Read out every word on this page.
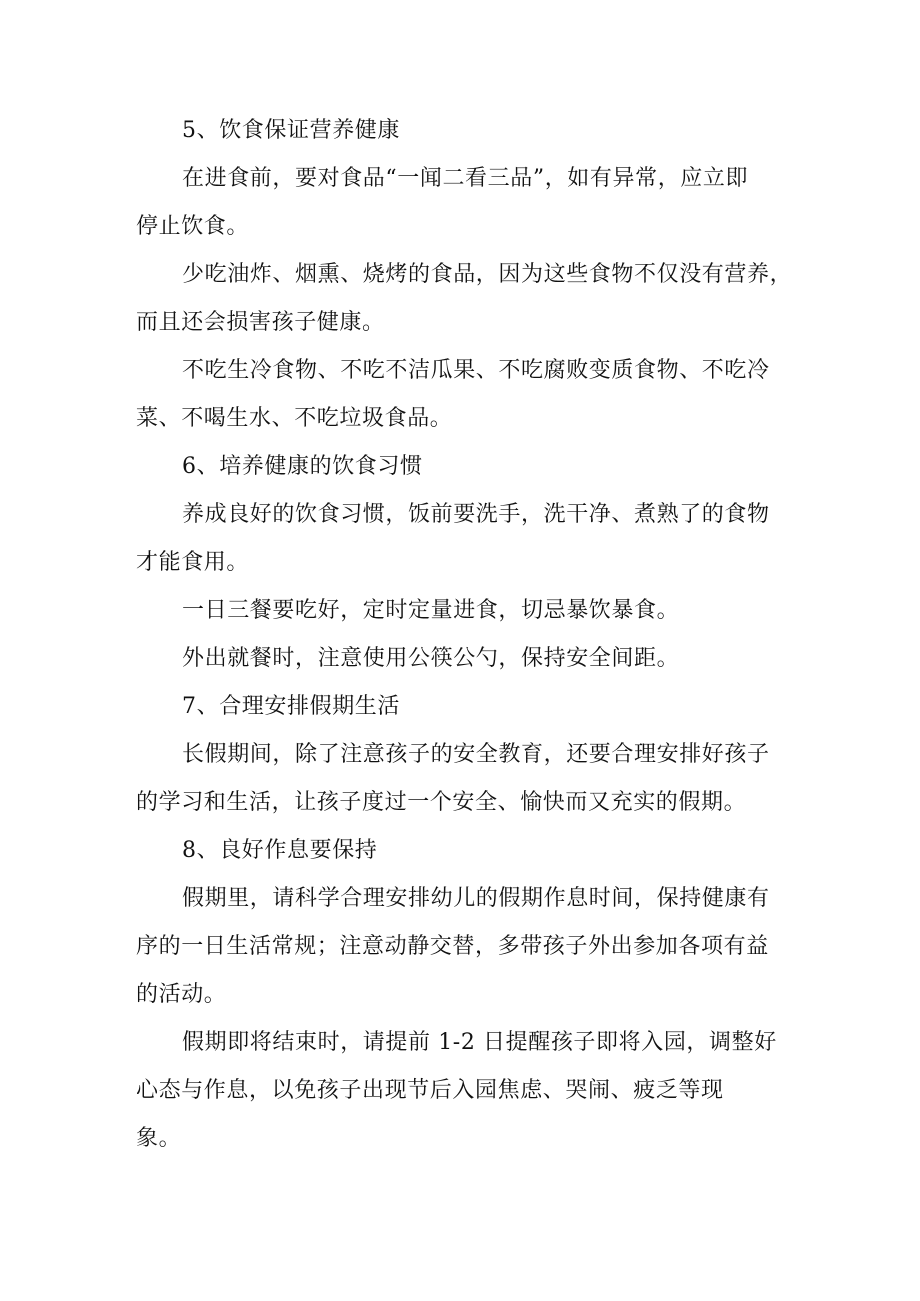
5、饮食保证营养健康

在进食前，要对食品“一闻二看三品”，如有异常，应立即
停止饮食。

少吃油炸、烟熏、烧烤的食品，因为这些食物不仅没有营养，
而且还会损害孩子健康。

不吃生冷食物、不吃不洁瓜果、不吃腐败变质食物、不吃冷
菜、不喝生水、不吃垃圾食品。

6、培养健康的饮食习惯

养成良好的饮食习惯，饭前要洗手，洗干净、煮熟了的食物
才能食用。

一日三餐要吃好，定时定量进食，切忌暴饮暴食。

外出就餐时，注意使用公筷公勺，保持安全间距。

7、合理安排假期生活

长假期间，除了注意孩子的安全教育，还要合理安排好孩子
的学习和生活，让孩子度过一个安全、愉快而又充实的假期。

8、良好作息要保持

假期里，请科学合理安排幼儿的假期作息时间，保持健康有
序的一日生活常规；注意动静交替，多带孩子外出参加各项有益
的活动。

假期即将结束时，请提前 1-2 日提醒孩子即将入园，调整好
心态与作息，以免孩子出现节后入园焦虑、哭闹、疲乏等现
象。
